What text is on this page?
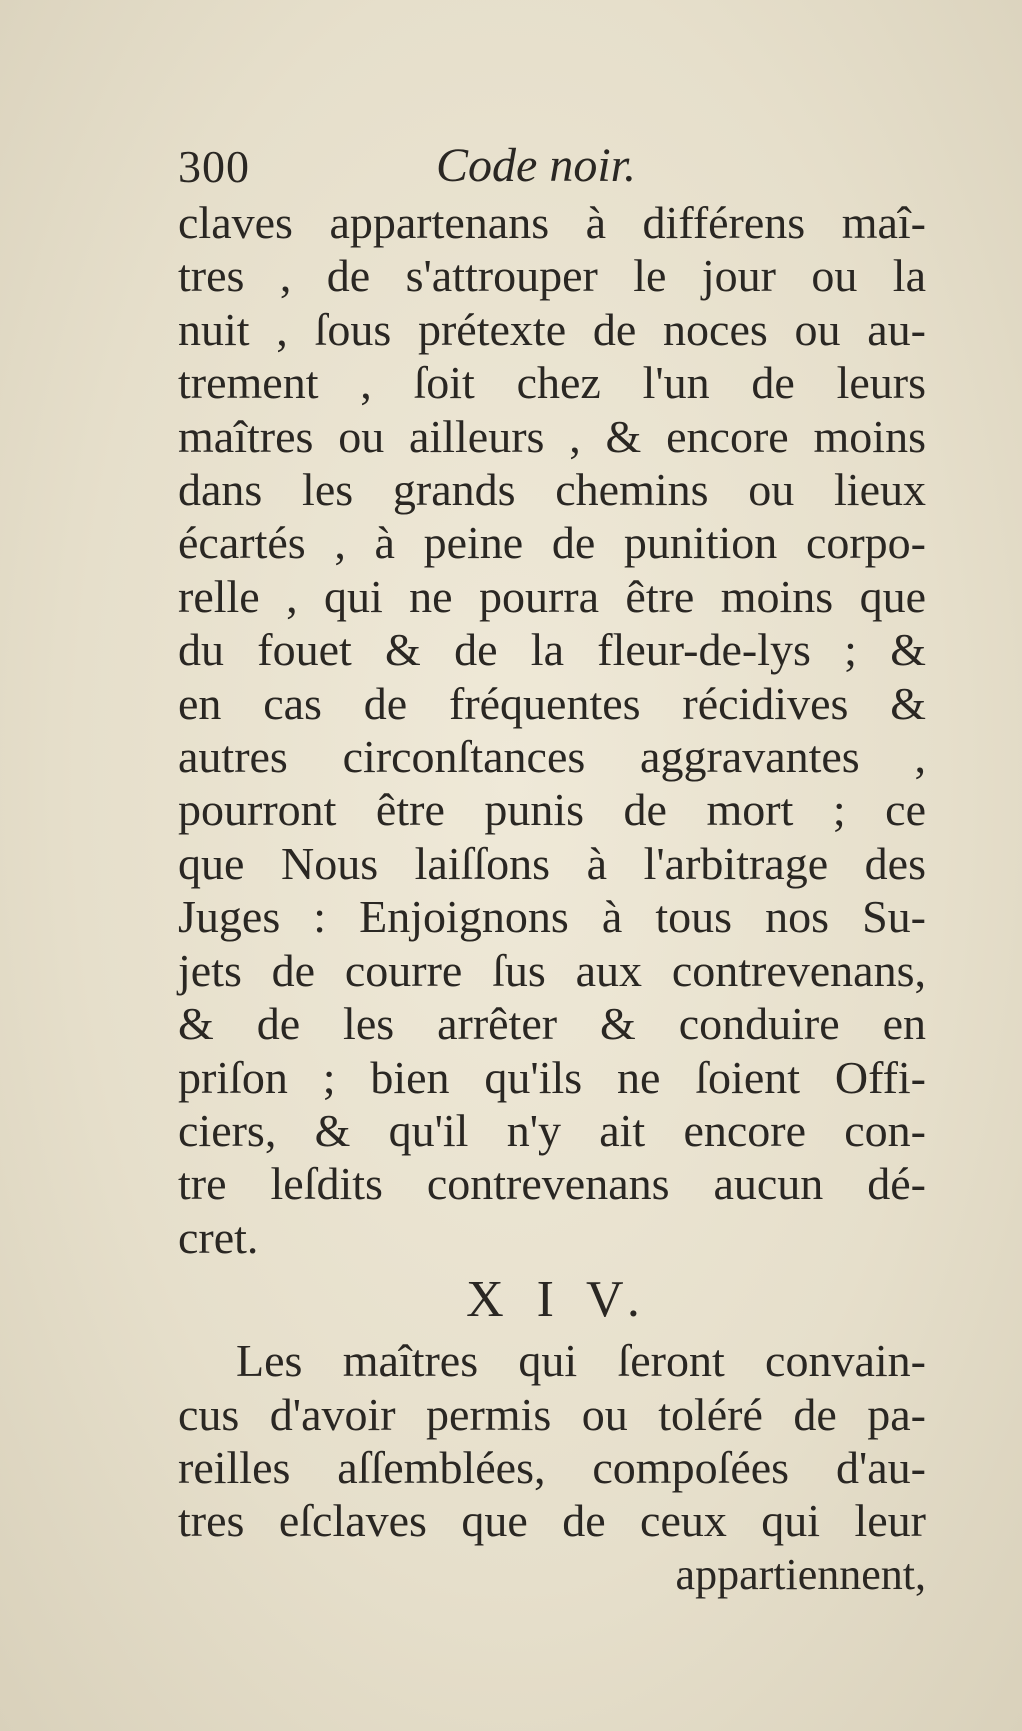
300	Code noir.
claves appartenans à différens maî-
tres , de s'attrouper le jour ou la
nuit , ſous prétexte de noces ou au-
trement , ſoit chez l'un de leurs
maîtres ou ailleurs , & encore moins
dans les grands chemins ou lieux
écartés , à peine de punition corpo-
relle , qui ne pourra être moins que
du fouet & de la fleur-de-lys ; &
en cas de fréquentes récidives &
autres circonſtances aggravantes ,
pourront être punis de mort ; ce
que Nous laiſſons à l'arbitrage des
Juges : Enjoignons à tous nos Su-
jets de courre ſus aux contrevenans,
& de les arrêter & conduire en
priſon ; bien qu'ils ne ſoient Offi-
ciers, & qu'il n'y ait encore con-
tre leſdits contrevenans aucun dé-
cret.
X I V.
Les maîtres qui ſeront convain-
cus d'avoir permis ou toléré de pa-
reilles aſſemblées, compoſées d'au-
tres eſclaves que de ceux qui leur
appartiennent,
